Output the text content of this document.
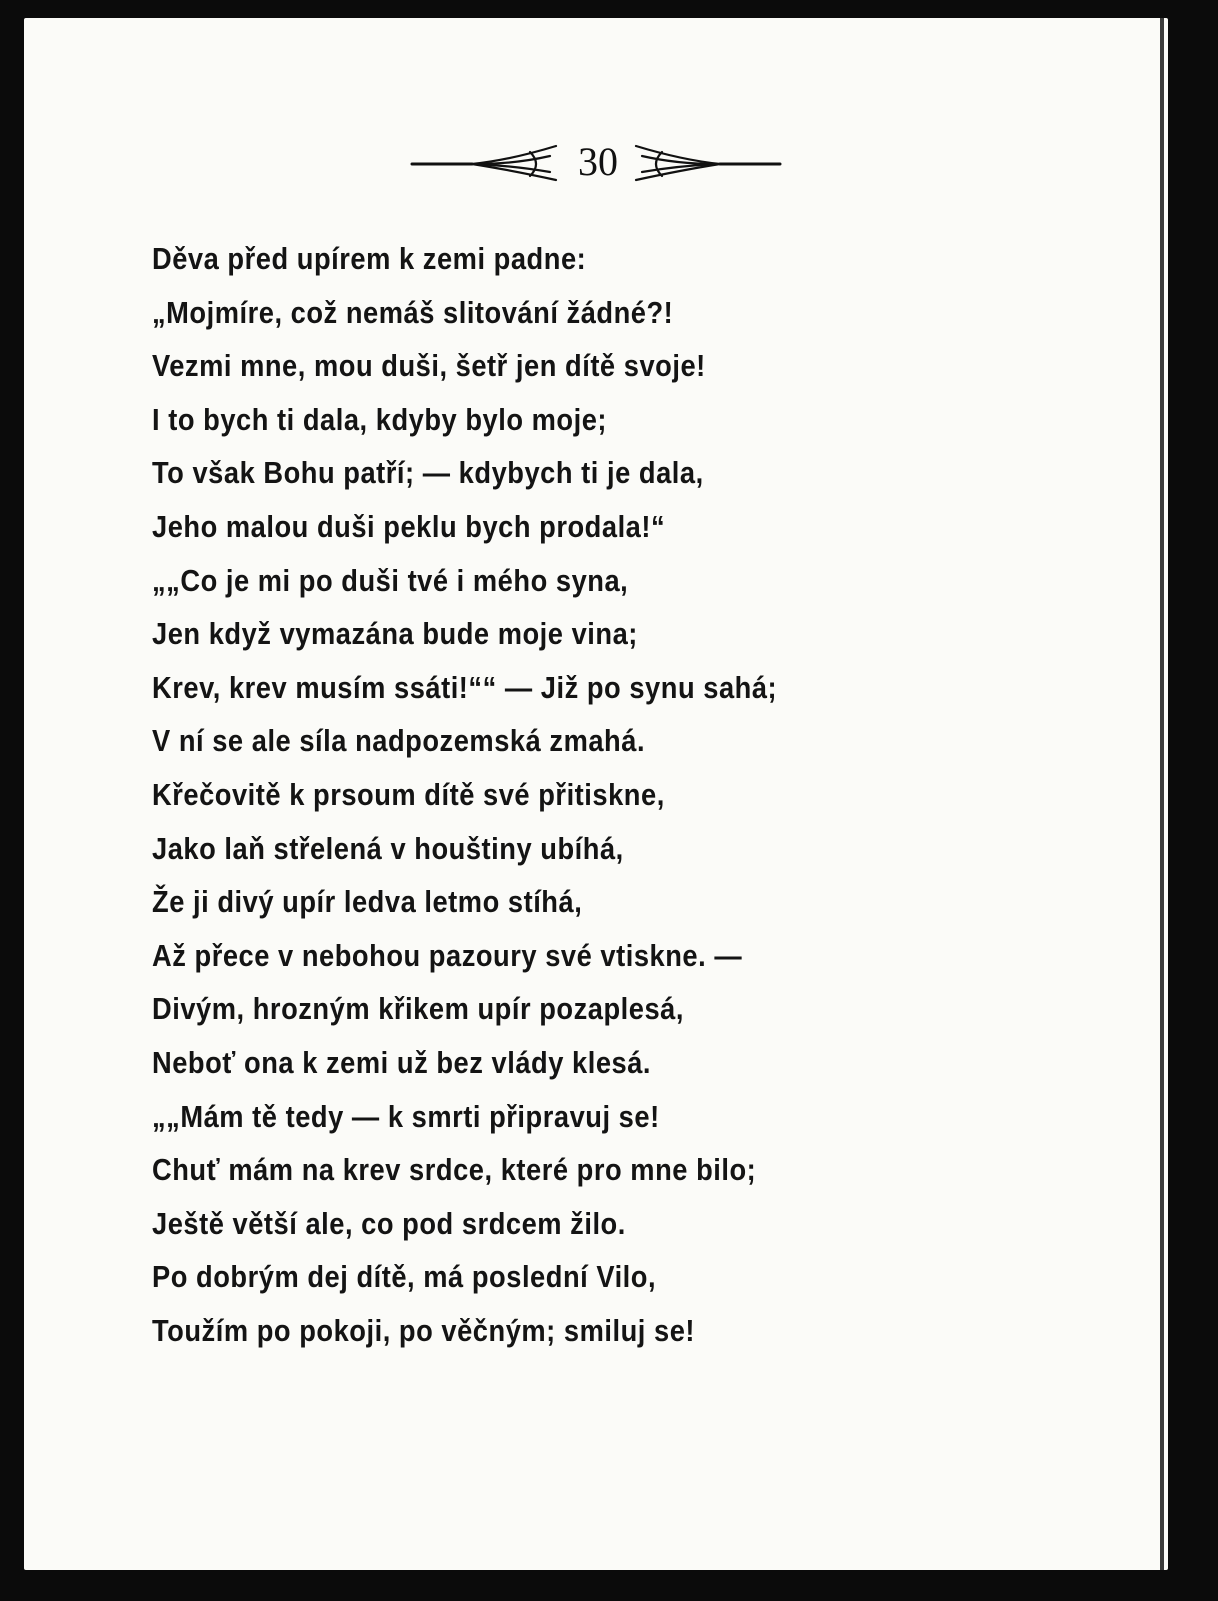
30
Děva před upírem k zemi padne:
„Mojmíre, což nemáš slitování žádné?!
Vezmi mne, mou duši, šetř jen dítě svoje!
I to bych ti dala, kdyby bylo moje;
To však Bohu patří; — kdybych ti je dala,
Jeho malou duši peklu bych prodala!“
„„Co je mi po duši tvé i mého syna,
Jen když vymazána bude moje vina;
Krev, krev musím ssáti!““ — Již po synu sahá;
V ní se ale síla nadpozemská zmahá.
Křečovitě k prsoum dítě své přitiskne,
Jako laň střelená v houštiny ubíhá,
Že ji divý upír ledva letmo stíhá,
Až přece v nebohou pazoury své vtiskne. —
Divým, hrozným křikem upír pozaplesá,
Neboť ona k zemi už bez vlády klesá.
„„Mám tě tedy — k smrti připravuj se!
Chuť mám na krev srdce, které pro mne bilo;
Ještě větší ale, co pod srdcem žilo.
Po dobrým dej dítě, má poslední Vilo,
Toužím po pokoji, po věčným; smiluj se!
